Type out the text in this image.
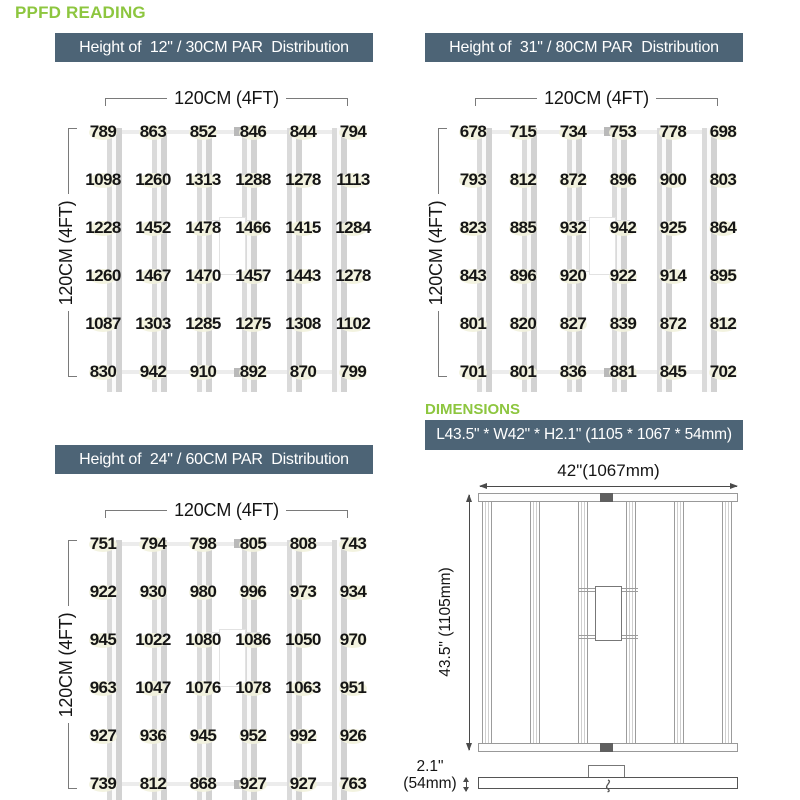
PPFD READING
Height of  12" / 30CM PAR  Distribution
120CM (4FT)
120CM (4FT)
789	863	852	846	844	794
1098 1260 1313 1288 1278 1113
1228 1452 1478 1466 1415 1284
1260 1467 1470 1457 1443 1278
1087 1303 1285 1275 1308 1102
830	942	910	892	870	799
Height of  31" / 80CM PAR  Distribution
120CM (4FT)
120CM (4FT)
678	715	734	753	778	698
793	812	872	896	900	803
823	885	932	942	925	864
843	896	920	922	914	895
801	820	827	839	872	812
701	801	836	881	845	702
Height of  24" / 60CM PAR  Distribution
120CM (4FT)
120CM (4FT)
751	794	798	805	808	743
922	930	980	996	973	934
945	1022 1080 1086 1050	970
963	1047 1076 1078 1063	951
927	936	945	952	992	926
739	812	868	927	927	763
DIMENSIONS
L43.5" * W42" * H2.1" (1105 * 1067 * 54mm)
42"(1067mm)
43.5" (1105mm)
2.1"
(54mm)
